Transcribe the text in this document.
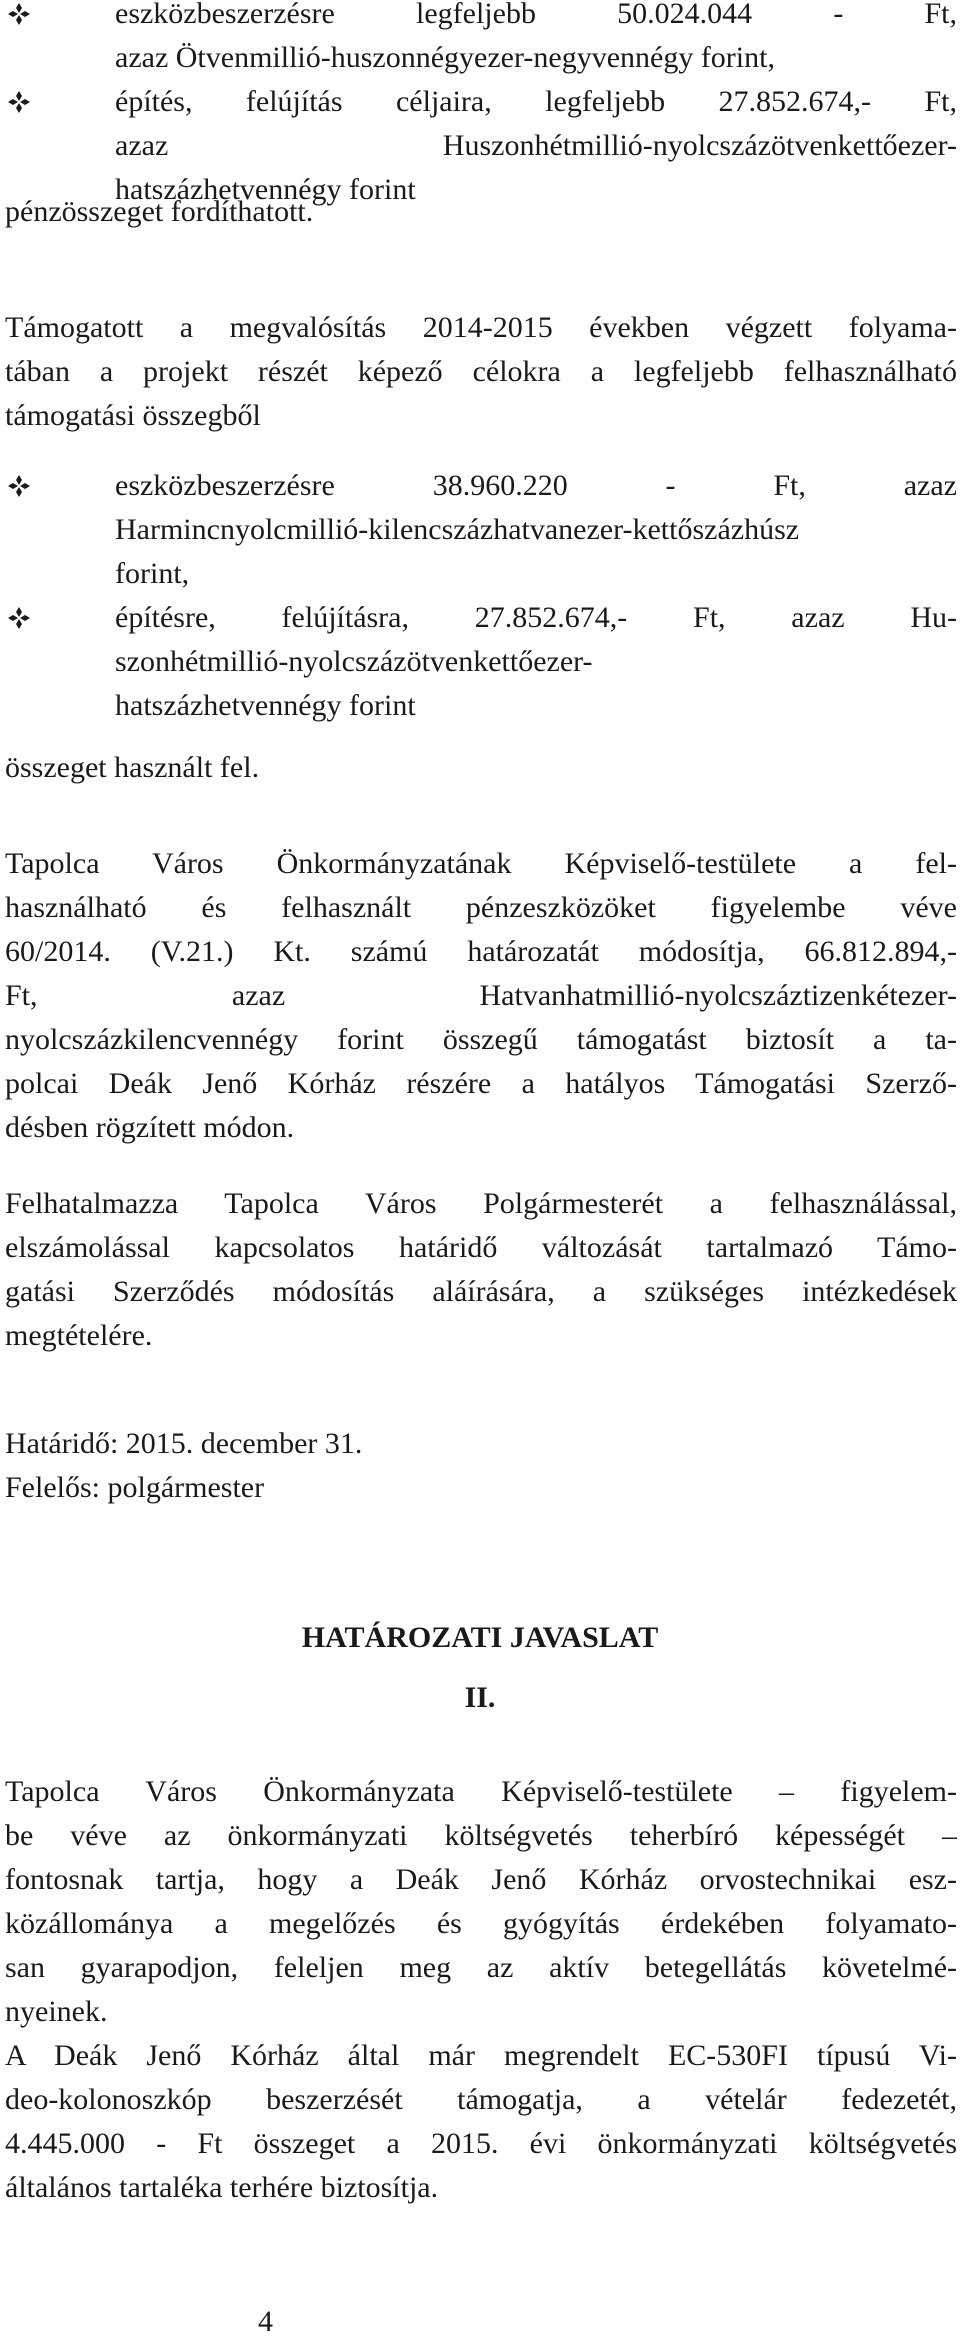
eszközbeszerzésre legfeljebb 50.024.044 - Ft,
azaz Ötvenmillió-huszonnégyezer-negyvennégy forint,
építés, felújítás céljaira, legfeljebb 27.852.674,- Ft,
azaz Huszonhétmillió-nyolcszázötvenkettőezer-
hatszázhetvennégy forint
pénzösszeget fordíthatott.
Támogatott a megvalósítás 2014-2015 években végzett folyama-
tában a projekt részét képező célokra a legfeljebb felhasználható
támogatási összegből
eszközbeszerzésre 38.960.220 - Ft, azaz
Harmincnyolcmillió-kilencszázhatvanezer-kettőszázhúsz
forint,
építésre, felújításra, 27.852.674,- Ft, azaz Hu-
szonhétmillió-nyolcszázötvenkettőezer-
hatszázhetvennégy forint
összeget használt fel.
Tapolca Város Önkormányzatának Képviselő-testülete a fel-
használható és felhasznált pénzeszközöket figyelembe véve
60/2014. (V.21.) Kt. számú határozatát módosítja, 66.812.894,-
Ft, azaz Hatvanhatmillió-nyolcszáztizenkétezer-
nyolcszázkilencvennégy forint összegű támogatást biztosít a ta-
polcai Deák Jenő Kórház részére a hatályos Támogatási Szerző-
désben rögzített módon.
Felhatalmazza Tapolca Város Polgármesterét a felhasználással,
elszámolással kapcsolatos határidő változását tartalmazó Támo-
gatási Szerződés módosítás aláírására, a szükséges intézkedések
megtételére.
Határidő: 2015. december 31.
Felelős: polgármester
HATÁROZATI JAVASLAT
II.
Tapolca Város Önkormányzata Képviselő-testülete – figyelem-
be véve az önkormányzati költségvetés teherbíró képességét –
fontosnak tartja, hogy a Deák Jenő Kórház orvostechnikai esz-
közállománya a megelőzés és gyógyítás érdekében folyamato-
san gyarapodjon, feleljen meg az aktív betegellátás követelmé-
nyeinek.
A Deák Jenő Kórház által már megrendelt EC-530FI típusú Vi-
deo-kolonoszkóp beszerzését támogatja, a vételár fedezetét,
4.445.000 - Ft összeget a 2015. évi önkormányzati költségvetés
általános tartaléka terhére biztosítja.
4
